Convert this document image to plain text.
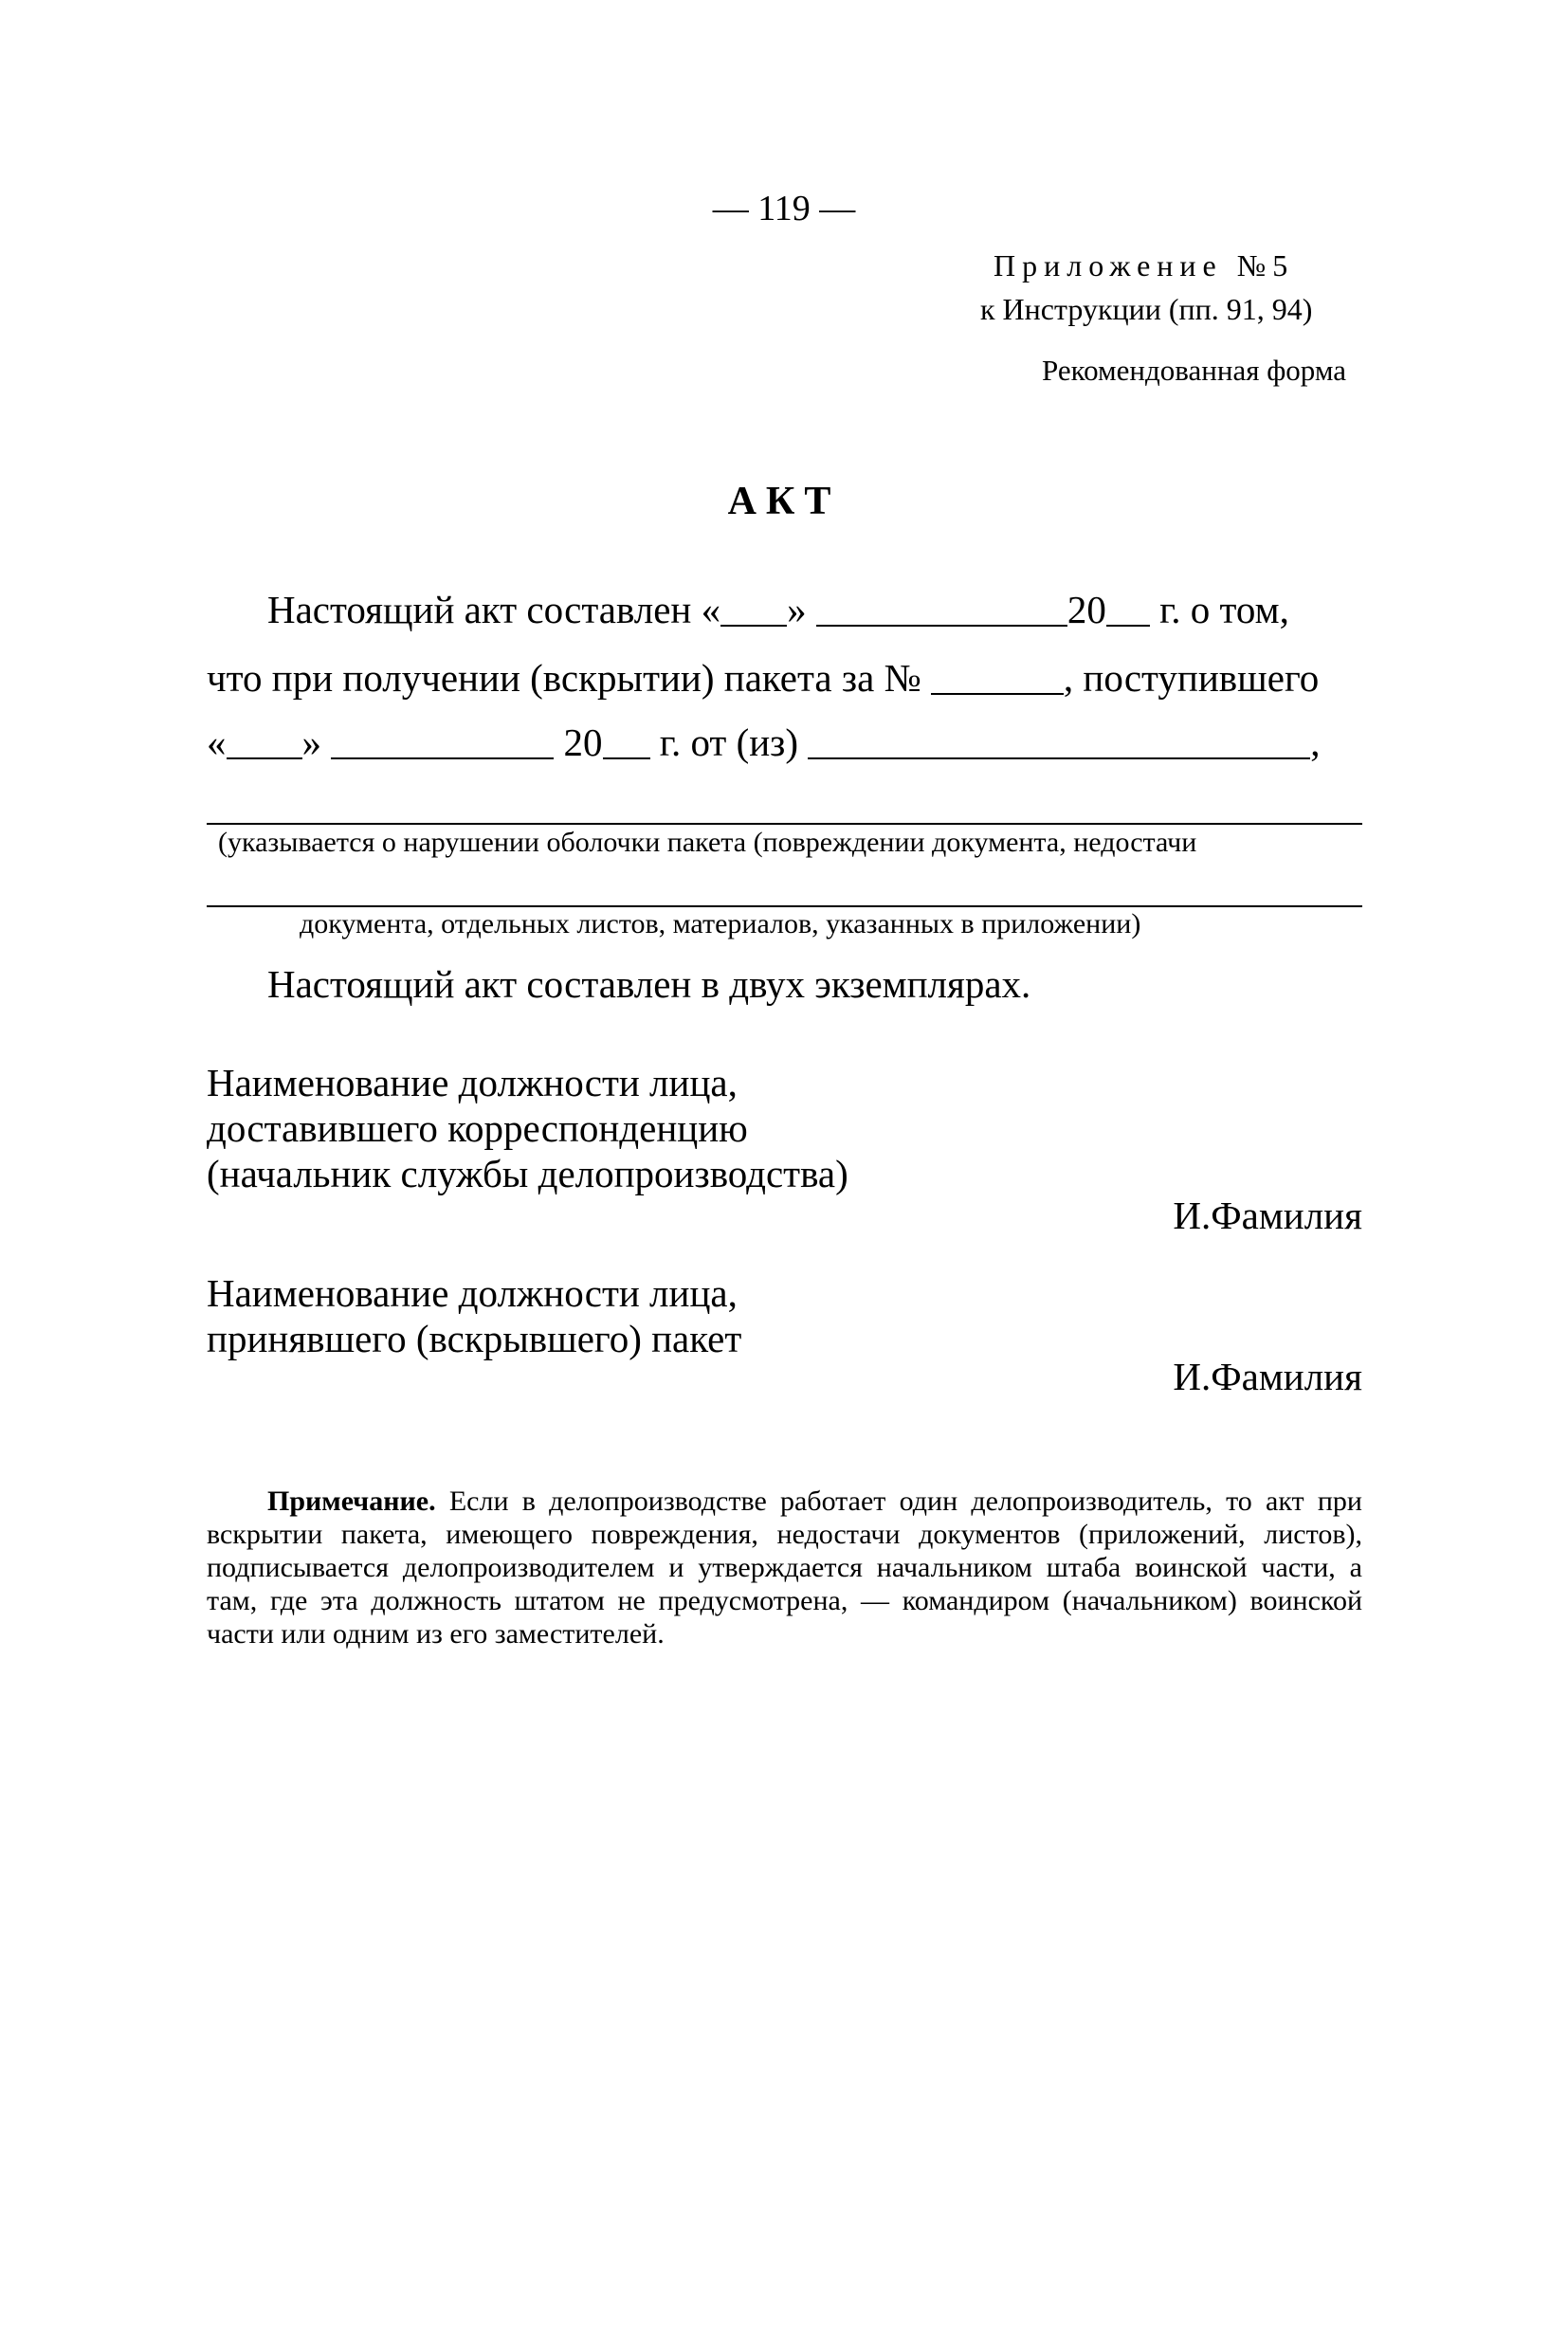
— 119 —
Приложение №5
к Инструкции (пп. 91, 94)
Рекомендованная форма
АКТ
Настоящий акт составлен « »	20 г. о том,
что при получении (вскрытии) пакета за №	, поступившего
« »	20 г. от (из)	,
(указывается о нарушении оболочки пакета (повреждении документа, недостачи
документа, отдельных листов, материалов, указанных в приложении)
Настоящий акт составлен в двух экземплярах.
Наименование должности лица,
доставившего корреспонденцию
(начальник службы делопроизводства)
И.Фамилия
Наименование должности лица,
принявшего (вскрывшего) пакет
И.Фамилия
Примечание. Если в делопроизводстве работает один делопроизводитель, то акт при вскрытии пакета, имеющего повреждения, недостачи документов (приложений, листов), подписывается делопроизводителем и утверждается начальником штаба воинской части, а там, где эта должность штатом не предусмотрена, — командиром (начальником) воинской части или одним из его заместителей.
